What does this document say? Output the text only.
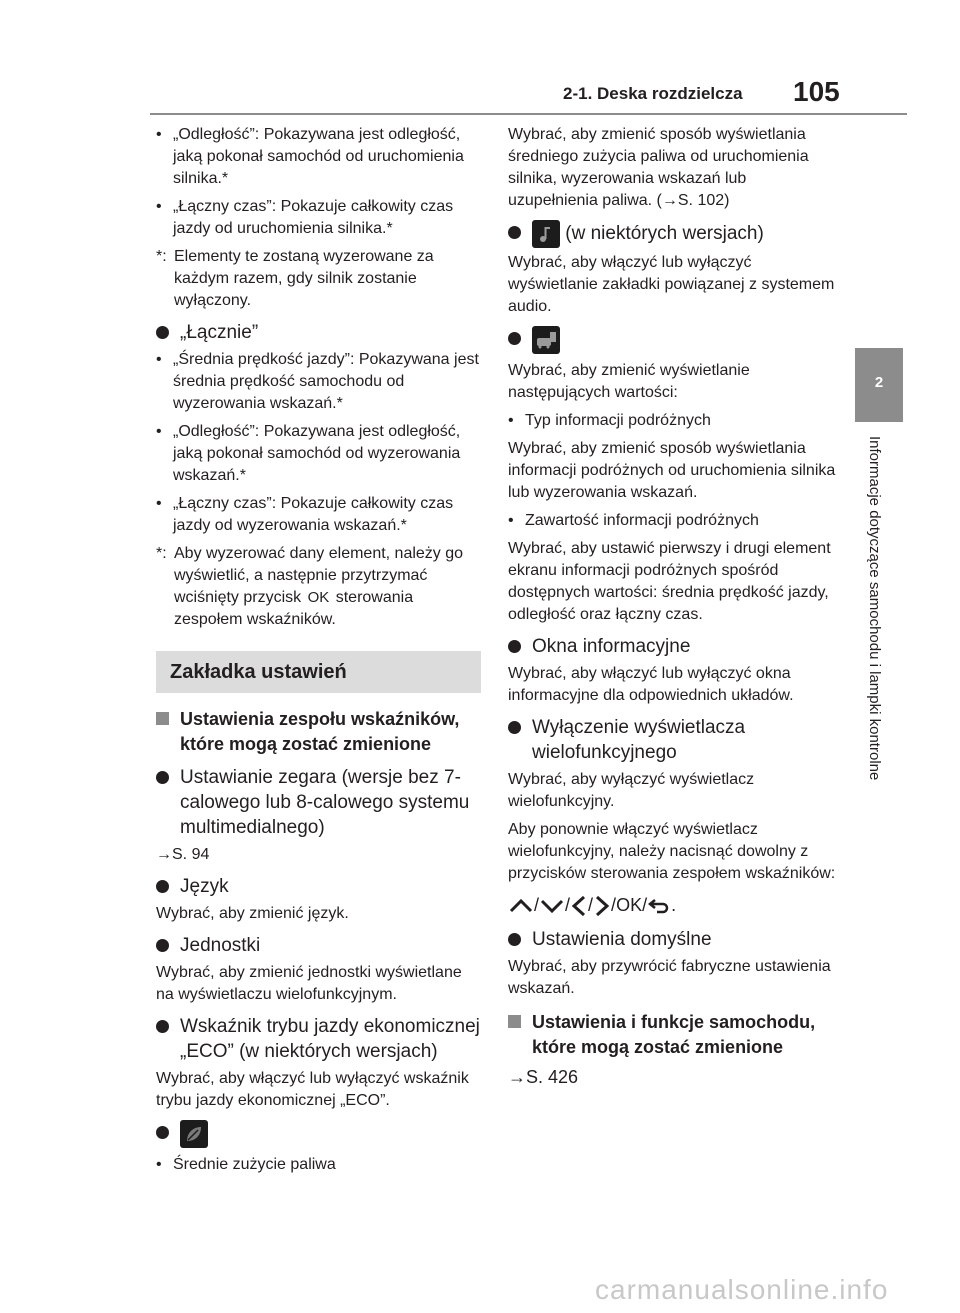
2-1. Deska rozdzielcza 105
2
Informacje dotyczące samochodu i lampki kontrolne
• „Odległość”: Pokazywana jest odległość, jaką pokonał samochód od uruchomienia silnika.*
• „Łączny czas”: Pokazuje całkowity czas jazdy od uruchomienia silnika.*
*: Elementy te zostaną wyzerowane za każdym razem, gdy silnik zostanie wyłączony.
„Łącznie”
• „Średnia prędkość jazdy”: Pokazywana jest średnia prędkość samochodu od wyzerowania wskazań.*
• „Odległość”: Pokazywana jest odległość, jaką pokonał samochód od wyzerowania wskazań.*
• „Łączny czas”: Pokazuje całkowity czas jazdy od wyzerowania wskazań.*
*: Aby wyzerować dany element, należy go wyświetlić, a następnie przytrzymać wciśnięty przycisk OK sterowania zespołem wskaźników.
Zakładka ustawień
Ustawienia zespołu wskaźników, które mogą zostać zmienione
Ustawianie zegara (wersje bez 7-calowego lub 8-calowego systemu multimedialnego)
→S. 94
Język
Wybrać, aby zmienić język.
Jednostki
Wybrać, aby zmienić jednostki wyświetlane na wyświetlaczu wielofunkcyjnym.
Wskaźnik trybu jazdy ekonomicznej „ECO” (w niektórych wersjach)
Wybrać, aby włączyć lub wyłączyć wskaźnik trybu jazdy ekonomicznej „ECO”.
• Średnie zużycie paliwa
Wybrać, aby zmienić sposób wyświetlania średniego zużycia paliwa od uruchomienia silnika, wyzerowania wskazań lub uzupełnienia paliwa. (→S. 102)
(w niektórych wersjach)
Wybrać, aby włączyć lub wyłączyć wyświetlanie zakładki powiązanej z systemem audio.
Wybrać, aby zmienić wyświetlanie następujących wartości:
• Typ informacji podróżnych
Wybrać, aby zmienić sposób wyświetlania informacji podróżnych od uruchomienia silnika lub wyzerowania wskazań.
• Zawartość informacji podróżnych
Wybrać, aby ustawić pierwszy i drugi element ekranu informacji podróżnych spośród dostępnych wartości: średnia prędkość jazdy, odległość oraz łączny czas.
Okna informacyjne
Wybrać, aby włączyć lub wyłączyć okna informacyjne dla odpowiednich układów.
Wyłączenie wyświetlacza wielofunkcyjnego
Wybrać, aby wyłączyć wyświetlacz wielofunkcyjny.
Aby ponownie włączyć wyświetlacz wielofunkcyjny, należy nacisnąć dowolny z przycisków sterowania zespołem wskaźników:
/ / / /OK/ .
Ustawienia domyślne
Wybrać, aby przywrócić fabryczne ustawienia wskazań.
Ustawienia i funkcje samochodu, które mogą zostać zmienione
→S. 426
carmanualsonline.info
